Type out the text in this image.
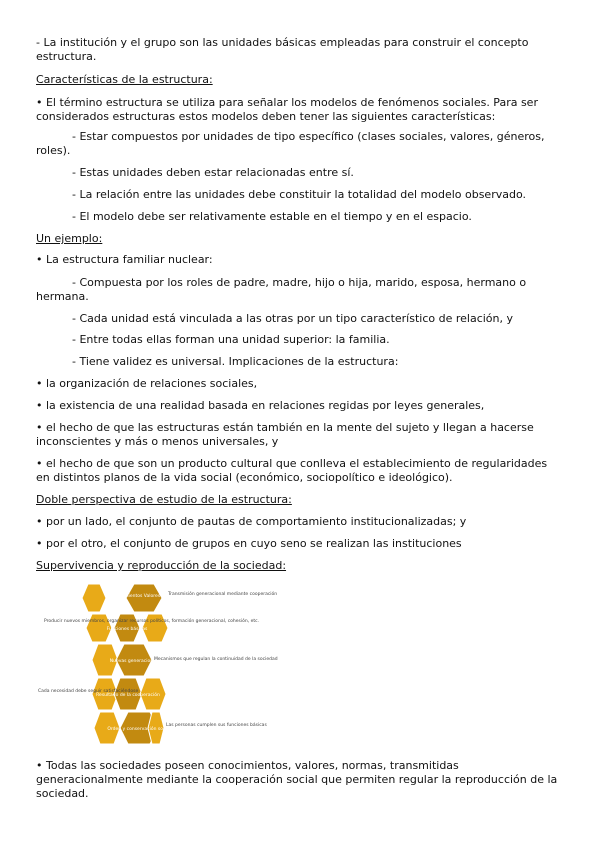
- La institución y el grupo son las unidades básicas empleadas para construir el concepto estructura.

Características de la estructura:

• El término estructura se utiliza para señalar los modelos de fenómenos sociales. Para ser considerados estructuras estos modelos deben tener las siguientes características:

- Estar compuestos por unidades de tipo específico (clases sociales, valores, géneros, roles).

- Estas unidades deben estar relacionadas entre sí.

- La relación entre las unidades debe constituir la totalidad del modelo observado.

- El modelo debe ser relativamente estable en el tiempo y en el espacio.

Un ejemplo:

• La estructura familiar nuclear:

- Compuesta por los roles de padre, madre, hijo o hija, marido, esposa, hermano o hermana.

- Cada unidad está vinculada a las otras por un tipo característico de relación, y

- Entre todas ellas forman una unidad superior: la familia.

- Tiene validez es universal. Implicaciones de la estructura:

• la organización de relaciones sociales,

• la existencia de una realidad basada en relaciones regidas por leyes generales,

• el hecho de que las estructuras están también en la mente del sujeto y llegan a hacerse inconscientes y más o menos universales, y

• el hecho de que son un producto cultural que conlleva el establecimiento de regularidades en distintos planos de la vida social (económico, sociopolítico e ideológico).

Doble perspectiva de estudio de la estructura:

• por un lado, el conjunto de pautas de comportamiento institucionalizadas; y

• por el otro, el conjunto de grupos en cuyo seno se realizan las instituciones

Supervivencia y reproducción de la sociedad:

Conocimientos Valores Normas
Funciones básicas
Nuevas generaciones
Resultado de la cooperación
Orden y conservación social
Transmisión generacional mediante cooperación
Producir nuevos miembros, organizar recursos políticos, formación generacional, cohesión, etc.
Mecanismos que regulan la continuidad de la sociedad
Cada necesidad debe seguir satisfaciéndose
Las personas cumplen sus funciones básicas

• Todas las sociedades poseen conocimientos, valores, normas, transmitidas generacionalmente mediante la cooperación social que permiten regular la reproducción de la sociedad.
